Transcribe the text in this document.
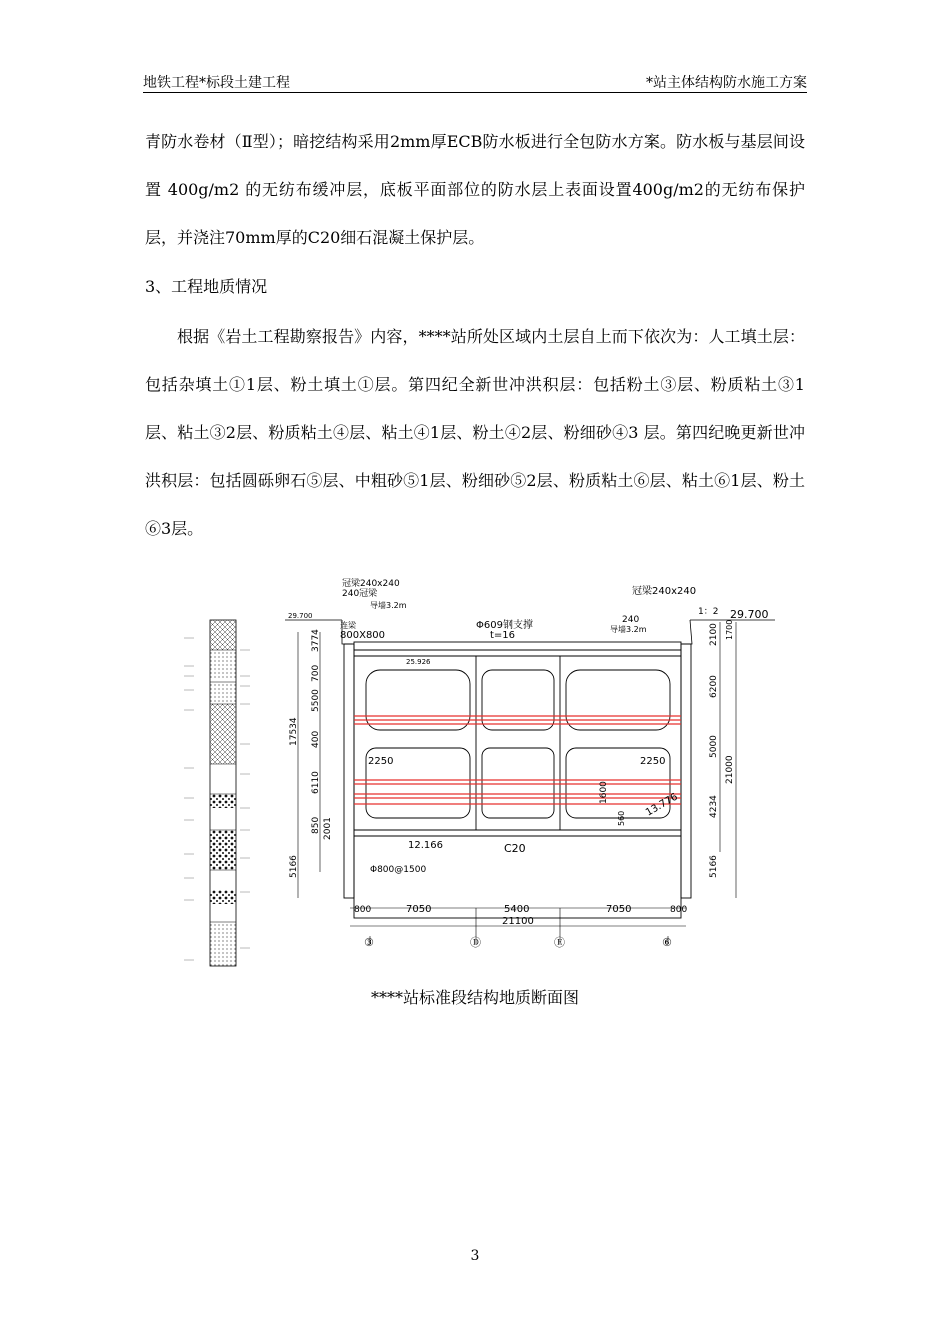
地铁工程*标段土建工程	*站主体结构防水施工方案
青防水卷材（Ⅱ型）；暗挖结构采用2mm厚ECB防水板进行全包防水方案。防水板与基层间设置 400g/m2 的无纺布缓冲层，底板平面部位的防水层上表面设置400g/m2的无纺布保护层，并浇注70mm厚的C20细石混凝土保护层。
3、工程地质情况
根据《岩土工程勘察报告》内容，****站所处区域内土层自上而下依次为：人工填土层：包括杂填土①1层、粉土填土①层。第四纪全新世冲洪积层：包括粉土③层、粉质粘土③1层、粘土③2层、粉质粘土④层、粘土④1层、粉土④2层、粉细砂④3 层。第四纪晚更新世冲洪积层：包括圆砾卵石⑤层、中粗砂⑤1层、粉细砂⑤2层、粉质粘土⑥层、粘土⑥1层、粉土⑥3层。
冠梁240x240
240冠梁
导墙3.2m
29.700
800X800
连梁	Φ609钢支撑
t=16
冠梁240x240
1：2 29.700
240
导墙3.2m
25.926
2250	2250
1600
560 13.776
12.166	C20
Φ800@1500
3774
700
5500
400
6110
850
5166
17534
2001
2100
6200
5000
4234
5166
21000
1700
800	7050	5400	7050	800
21100
③	Ⓓ	Ⓔ	⑥
****站标准段结构地质断面图
3
